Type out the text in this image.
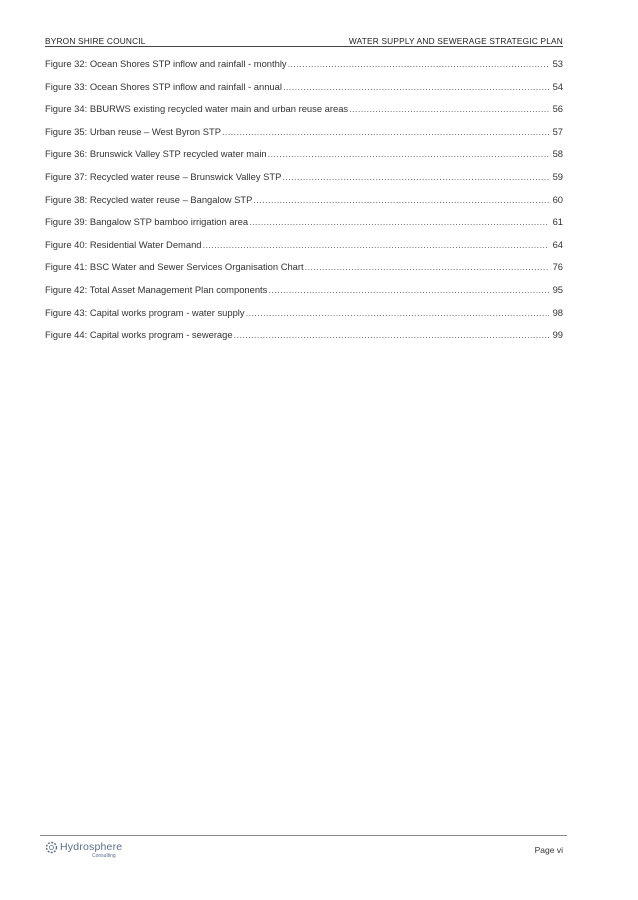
BYRON SHIRE COUNCIL	WATER SUPPLY AND SEWERAGE STRATEGIC PLAN
Figure 32: Ocean Shores STP inflow and rainfall - monthly .....	53
Figure 33: Ocean Shores STP inflow and rainfall - annual .....	54
Figure 34: BBURWS existing recycled water main and urban reuse areas .....	56
Figure 35: Urban reuse – West Byron STP .....	57
Figure 36: Brunswick Valley STP recycled water main .....	58
Figure 37: Recycled water reuse – Brunswick Valley STP .....	59
Figure 38: Recycled water reuse – Bangalow STP .....	60
Figure 39: Bangalow STP bamboo irrigation area .....	61
Figure 40: Residential Water Demand .....	64
Figure 41: BSC Water and Sewer Services Organisation Chart .....	76
Figure 42: Total Asset Management Plan components .....	95
Figure 43: Capital works program - water supply .....	98
Figure 44: Capital works program - sewerage .....	99
Hydrosphere
Consulting
Page vi
